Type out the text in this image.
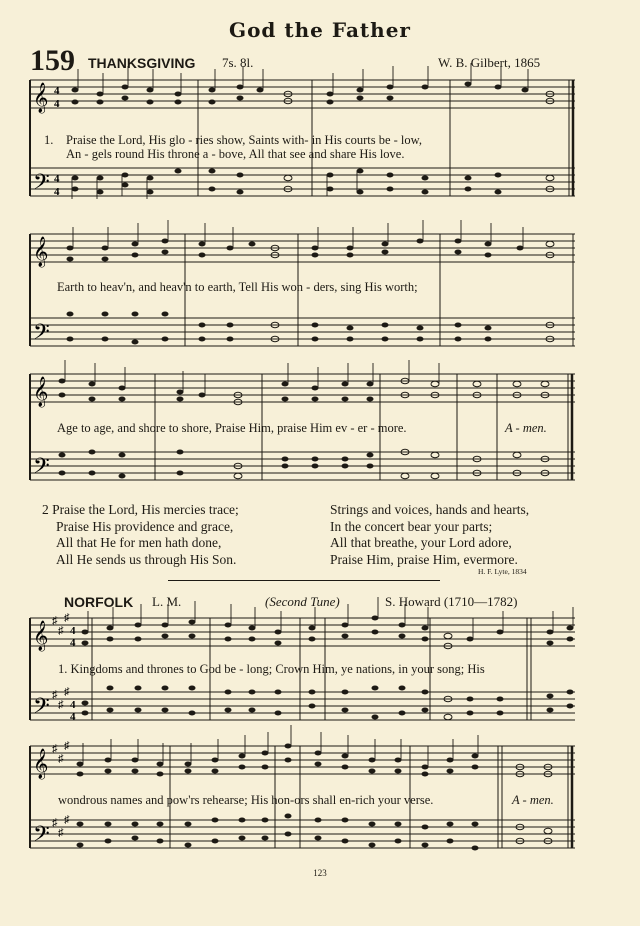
God the Father
159 THANKSGIVING 7s. 8l.	W. B. Gilbert, 1865
𝄞
𝄢
4
4
4
4
1. Praise the Lord, His glo - ries show, Saints with- in His courts be - low,
An - gels round His throne a - bove, All that see and share His love.
𝄞
𝄢
Earth to heav'n, and heav'n to earth, Tell His won - ders, sing His worth;
𝄞
𝄢
Age to age, and shore to shore, Praise Him, praise Him ev - er - more.	A - men.
2 Praise the Lord, His mercies trace;
Praise His providence and grace,
All that He for men hath done,
All He sends us through His Son.
Strings and voices, hands and hearts,
In the concert bear your parts;
All that breathe, your Lord adore,
Praise Him, praise Him, evermore.
H. F. Lyte, 1834
NORFOLK L. M.	(Second Tune)	S. Howard (1710—1782)
𝄞
𝄢
♯
♯
♯
♯
♯
♯
4
4
4
4
1. Kingdoms and thrones to God be - long; Crown Him, ye nations, in your song; His
𝄞
𝄢
♯
♯
♯
♯
♯
♯
wondrous names and pow'rs rehearse; His hon-ors shall en-rich your verse.	A - men.
123
